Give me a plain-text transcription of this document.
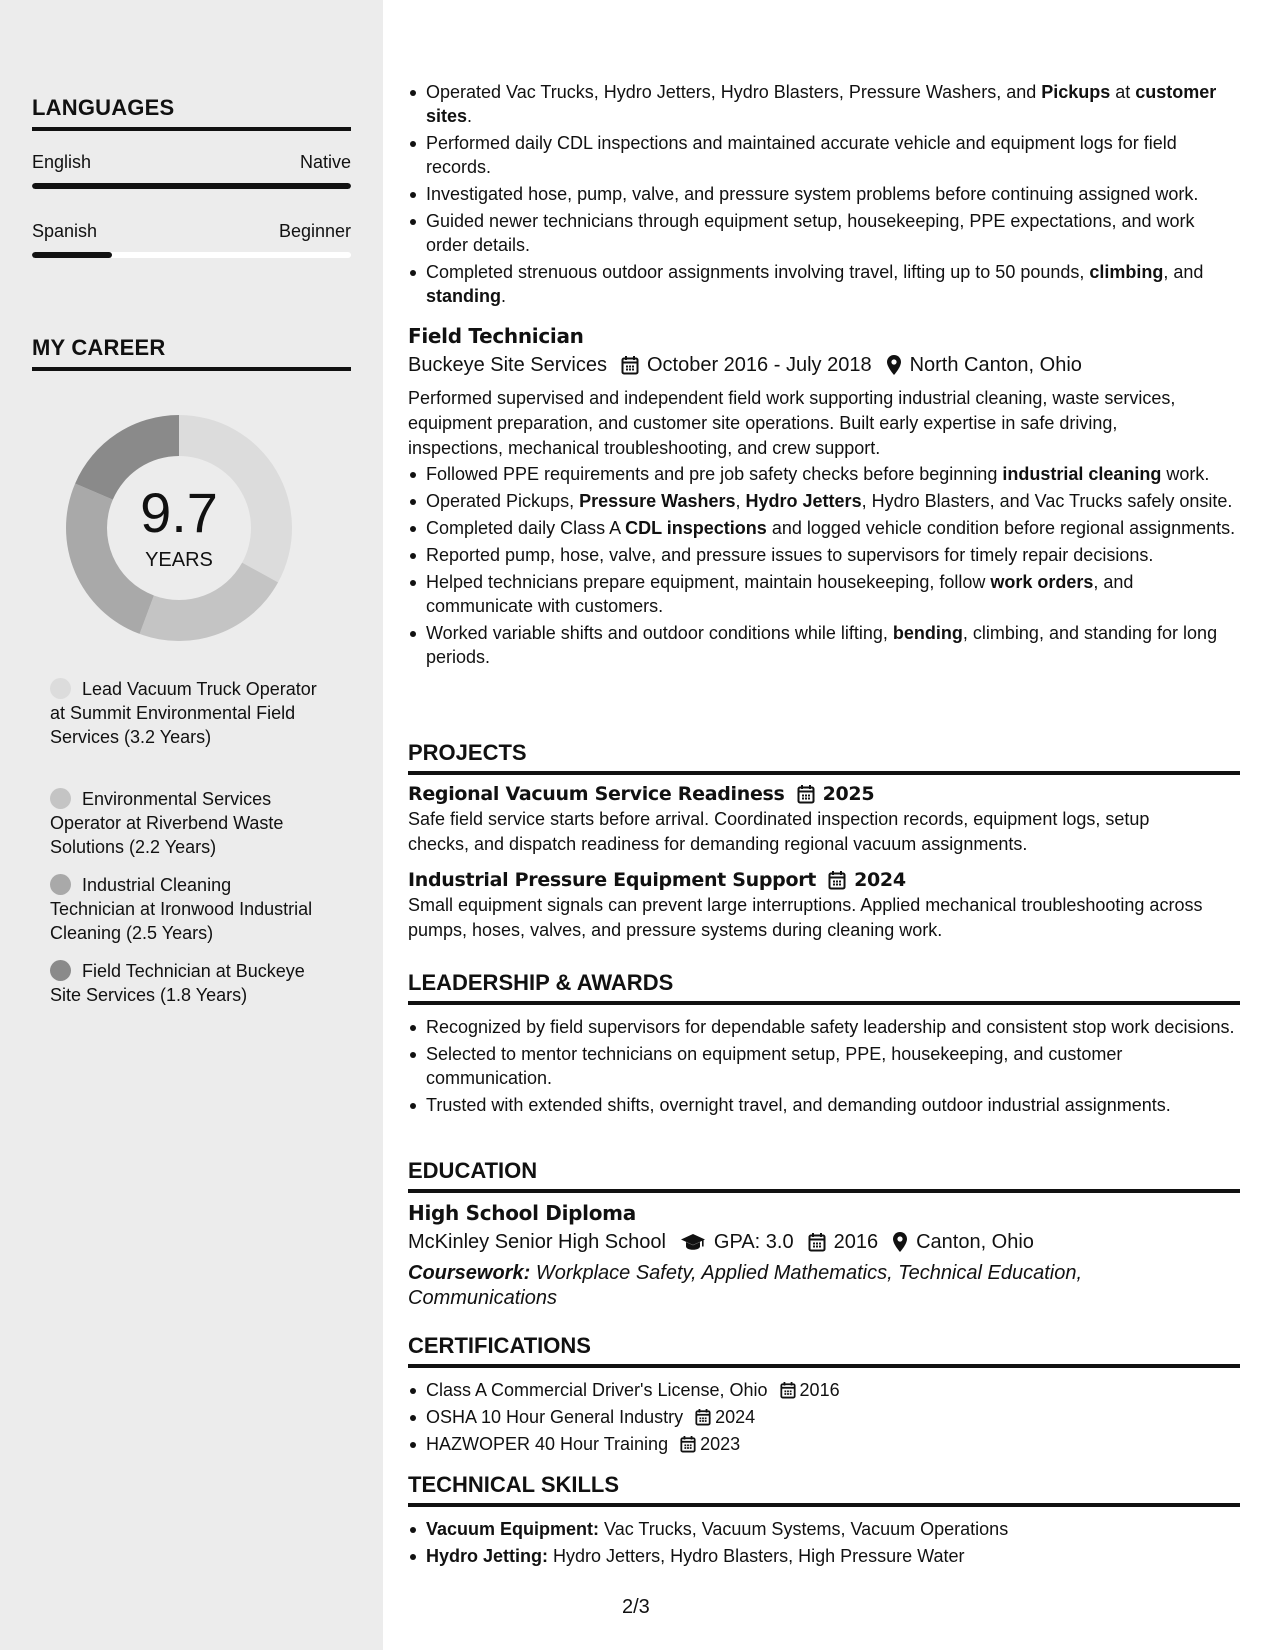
LANGUAGES
English	Native
Spanish	Beginner
MY CAREER
9.7
YEARS
Lead Vacuum Truck Operator at Summit Environmental Field Services (3.2 Years)
Environmental Services Operator at Riverbend Waste Solutions (2.2 Years)
Industrial Cleaning Technician at Ironwood Industrial Cleaning (2.5 Years)
Field Technician at Buckeye Site Services (1.8 Years)
Operated Vac Trucks, Hydro Jetters, Hydro Blasters, Pressure Washers, and Pickups at customer sites.
Performed daily CDL inspections and maintained accurate vehicle and equipment logs for field records.
Investigated hose, pump, valve, and pressure system problems before continuing assigned work.
Guided newer technicians through equipment setup, housekeeping, PPE expectations, and work order details.
Completed strenuous outdoor assignments involving travel, lifting up to 50 pounds, climbing, and standing.
Field Technician
Buckeye Site Services October 2016 - July 2018 North Canton, Ohio
Performed supervised and independent field work supporting industrial cleaning, waste services, equipment preparation, and customer site operations. Built early expertise in safe driving, inspections, mechanical troubleshooting, and crew support.
Followed PPE requirements and pre job safety checks before beginning industrial cleaning work.
Operated Pickups, Pressure Washers, Hydro Jetters, Hydro Blasters, and Vac Trucks safely onsite.
Completed daily Class A CDL inspections and logged vehicle condition before regional assignments.
Reported pump, hose, valve, and pressure issues to supervisors for timely repair decisions.
Helped technicians prepare equipment, maintain housekeeping, follow work orders, and communicate with customers.
Worked variable shifts and outdoor conditions while lifting, bending, climbing, and standing for long periods.
PROJECTS
Regional Vacuum Service Readiness 2025
Safe field service starts before arrival. Coordinated inspection records, equipment logs, setup checks, and dispatch readiness for demanding regional vacuum assignments.
Industrial Pressure Equipment Support 2024
Small equipment signals can prevent large interruptions. Applied mechanical troubleshooting across pumps, hoses, valves, and pressure systems during cleaning work.
LEADERSHIP & AWARDS
Recognized by field supervisors for dependable safety leadership and consistent stop work decisions.
Selected to mentor technicians on equipment setup, PPE, housekeeping, and customer communication.
Trusted with extended shifts, overnight travel, and demanding outdoor industrial assignments.
EDUCATION
High School Diploma
McKinley Senior High School GPA: 3.0 2016 Canton, Ohio
Coursework: Workplace Safety, Applied Mathematics, Technical Education, Communications
CERTIFICATIONS
Class A Commercial Driver's License, Ohio 2016
OSHA 10 Hour General Industry 2024
HAZWOPER 40 Hour Training 2023
TECHNICAL SKILLS
Vacuum Equipment: Vac Trucks, Vacuum Systems, Vacuum Operations
Hydro Jetting: Hydro Jetters, Hydro Blasters, High Pressure Water
2/3
